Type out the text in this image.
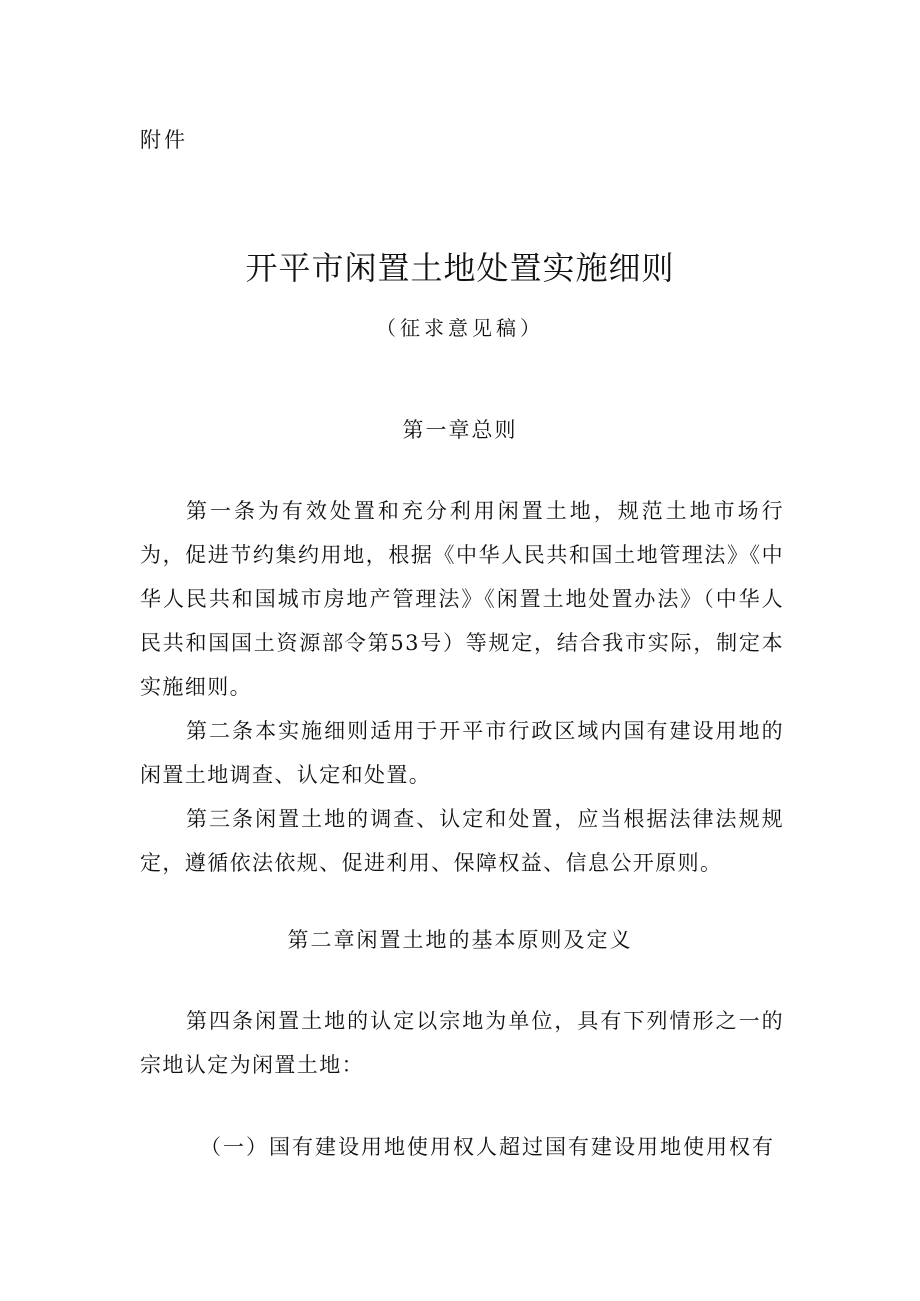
附件
开平市闲置土地处置实施细则
（征求意见稿）
第一章总则
第一条为有效处置和充分利用闲置土地，规范土地市场行为，促进节约集约用地，根据《中华人民共和国土地管理法》《中华人民共和国城市房地产管理法》《闲置土地处置办法》（中华人民共和国国土资源部令第53号）等规定，结合我市实际，制定本实施细则。
第二条本实施细则适用于开平市行政区域内国有建设用地的闲置土地调查、认定和处置。
第三条闲置土地的调查、认定和处置，应当根据法律法规规定，遵循依法依规、促进利用、保障权益、信息公开原则。
第二章闲置土地的基本原则及定义
第四条闲置土地的认定以宗地为单位，具有下列情形之一的宗地认定为闲置土地：
（一）国有建设用地使用权人超过国有建设用地使用权有
